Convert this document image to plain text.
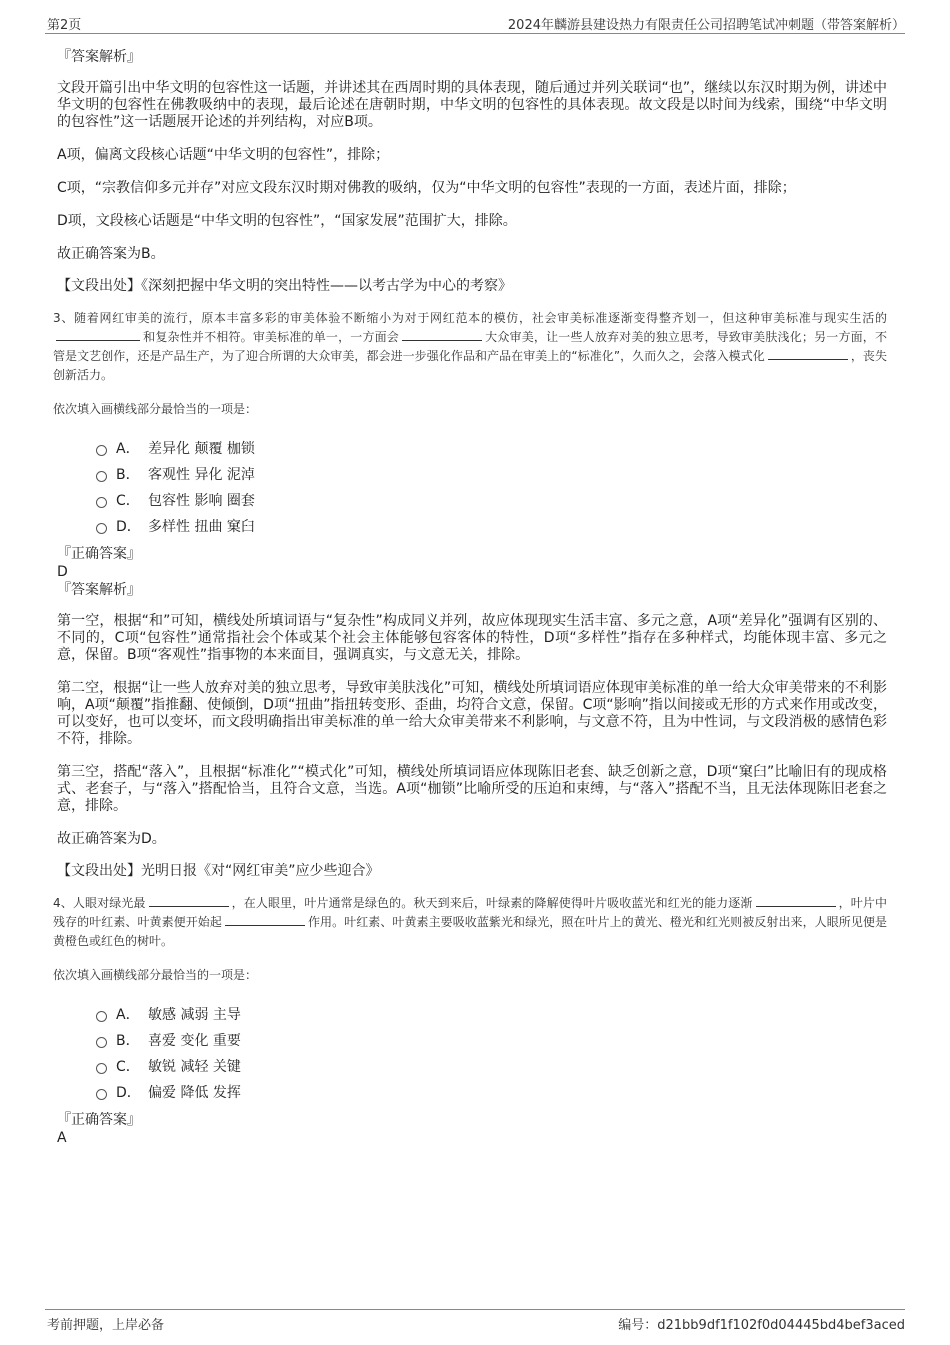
第2页	2024年麟游县建设热力有限责任公司招聘笔试冲刺题（带答案解析）

『答案解析』

文段开篇引出中华文明的包容性这一话题，并讲述其在西周时期的具体表现，随后通过并列关联词“也”，继续以东汉时期为例，讲述中华文明的包容性在佛教吸纳中的表现，最后论述在唐朝时期，中华文明的包容性的具体表现。故文段是以时间为线索，围绕“中华文明的包容性”这一话题展开论述的并列结构，对应B项。

A项，偏离文段核心话题“中华文明的包容性”，排除；

C项，“宗教信仰多元并存”对应文段东汉时期对佛教的吸纳，仅为“中华文明的包容性”表现的一方面，表述片面，排除；

D项，文段核心话题是“中华文明的包容性”，“国家发展”范围扩大，排除。

故正确答案为B。

【文段出处】《深刻把握中华文明的突出特性——以考古学为中心的考察》

3、随着网红审美的流行，原本丰富多彩的审美体验不断缩小为对于网红范本的模仿，社会审美标准逐渐变得整齐划一，但这种审美标准与现实生活的和复杂性并不相符。审美标准的单一，一方面会	大众审美，让一些人放弃对美的独立思考，导致审美肤浅化；另一方面，不管是文艺创作，还是产品生产，为了迎合所谓的大众审美，都会进一步强化作品和产品在审美上的“标准化”，久而久之，会落入模式化	，丧失创新活力。

依次填入画横线部分最恰当的一项是：

A． 差异化 颠覆 枷锁
B． 客观性 异化 泥淖
C． 包容性 影响 圈套
D． 多样性 扭曲 窠臼

『正确答案』

D

『答案解析』

第一空，根据“和”可知，横线处所填词语与“复杂性”构成同义并列，故应体现现实生活丰富、多元之意，A项“差异化”强调有区别的、不同的，C项“包容性”通常指社会个体或某个社会主体能够包容客体的特性，D项“多样性”指存在多种样式，均能体现丰富、多元之意，保留。B项“客观性”指事物的本来面目，强调真实，与文意无关，排除。

第二空，根据“让一些人放弃对美的独立思考，导致审美肤浅化”可知，横线处所填词语应体现审美标准的单一给大众审美带来的不利影响，A项“颠覆”指推翻、使倾倒，D项“扭曲”指扭转变形、歪曲，均符合文意，保留。C项“影响”指以间接或无形的方式来作用或改变，可以变好，也可以变坏，而文段明确指出审美标准的单一给大众审美带来不利影响，与文意不符，且为中性词，与文段消极的感情色彩不符，排除。

第三空，搭配“落入”，且根据“标准化”“模式化”可知，横线处所填词语应体现陈旧老套、缺乏创新之意，D项“窠臼”比喻旧有的现成格式、老套子，与“落入”搭配恰当，且符合文意，当选。A项“枷锁”比喻所受的压迫和束缚，与“落入”搭配不当，且无法体现陈旧老套之意，排除。

故正确答案为D。

【文段出处】光明日报《对“网红审美”应少些迎合》

4、人眼对绿光最	，在人眼里，叶片通常是绿色的。秋天到来后，叶绿素的降解使得叶片吸收蓝光和红光的能力逐渐	，叶片中残存的叶红素、叶黄素便开始起	作用。叶红素、叶黄素主要吸收蓝紫光和绿光，照在叶片上的黄光、橙光和红光则被反射出来，人眼所见便是黄橙色或红色的树叶。

依次填入画横线部分最恰当的一项是：

A． 敏感 减弱 主导
B． 喜爱 变化 重要
C． 敏锐 减轻 关键
D． 偏爱 降低 发挥

『正确答案』

A

考前押题，上岸必备	编号：d21bb9df1f102f0d04445bd4bef3aced
